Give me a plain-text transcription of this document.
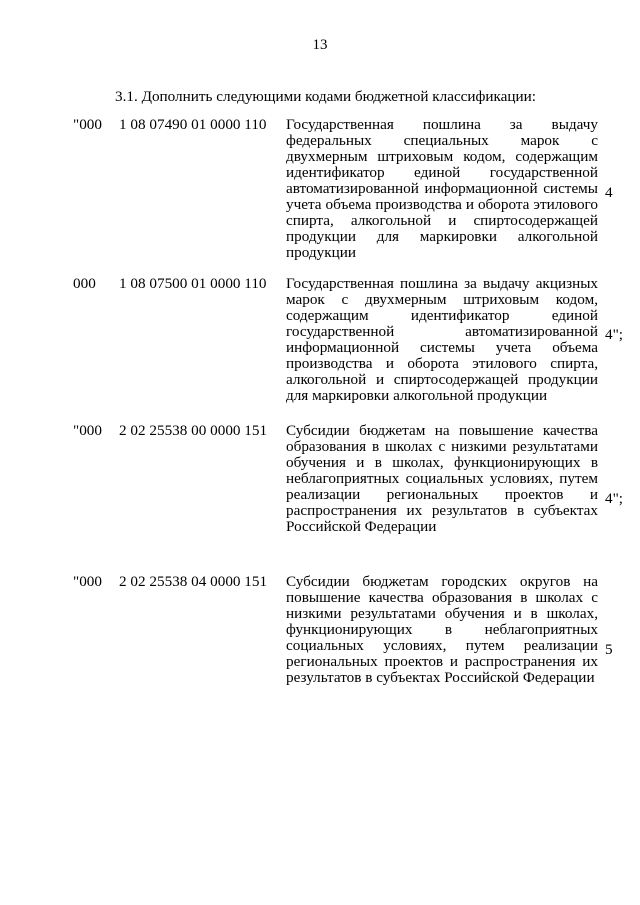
13
3.1. Дополнить следующими кодами бюджетной классификации:
"000 1 08 07490 01 0000 110 Государственная пошлина за выдачу федеральных специальных марок с двухмерным штриховым кодом, содержащим идентификатор единой государственной автоматизированной информационной системы учета объема производства и оборота этилового спирта, алкогольной и спиртосодержащей продукции для маркировки алкогольной продукции
4
000 1 08 07500 01 0000 110 Государственная пошлина за выдачу акцизных марок с двухмерным штриховым кодом, содержащим идентификатор единой государственной автоматизированной информационной системы учета объема производства и оборота этилового спирта, алкогольной и спиртосодержащей продукции для маркировки алкогольной продукции
4";
"000 2 02 25538 00 0000 151 Субсидии бюджетам на повышение качества образования в школах с низкими результатами обучения и в школах, функционирующих в неблагоприятных социальных условиях, путем реализации региональных проектов и распространения их результатов в субъектах Российской Федерации
4";
"000 2 02 25538 04 0000 151 Субсидии бюджетам городских округов на повышение качества образования в школах с низкими результатами обучения и в школах, функционирующих в неблагоприятных социальных условиях, путем реализации региональных проектов и распространения их результатов в субъектах Российской Федерации
5
